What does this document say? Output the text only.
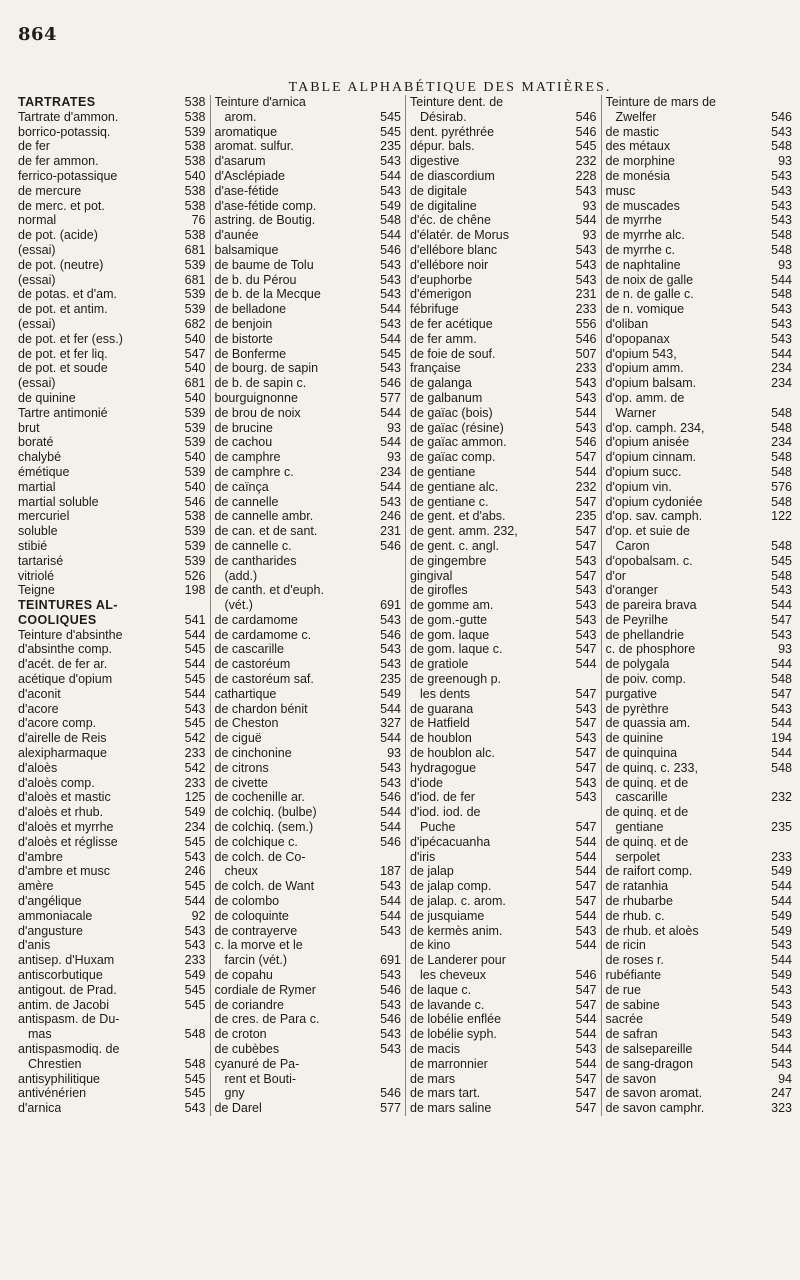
864
TABLE ALPHABÉTIQUE DES MATIÈRES.
TARTRATES	538
Tartrate d'ammon.	538
borrico-potassiq.	539
de fer	538
de fer ammon.	538
ferrico-potassique	540
de mercure	538
de merc. et pot.	538
normal	76
de pot. (acide)	538
(essai)	681
de pot. (neutre)	539
(essai)	681
de potas. et d'am.	539
de pot. et antim.	539
(essai)	682
de pot. et fer (ess.)	540
de pot. et fer liq.	547
de pot. et soude	540
(essai)	681
de quinine	540
Tartre antimonié	539
brut	539
boraté	539
chalybé	540
émétique	539
martial	540
martial soluble	546
mercuriel	538
soluble	539
stibié	539
tartarisé	539
vitriolé	526
Teigne	198
TEINTURES AL-
COOLIQUES	541
Teinture d'absinthe	544
d'absinthe comp.	545
d'acét. de fer ar.	544
acétique d'opium	545
d'aconit	544
d'acore	543
d'acore comp.	545
d'airelle de Reis	542
alexipharmaque	233
d'aloès	542
d'aloès comp.	233
d'aloès et mastic	125
d'aloès et rhub.	549
d'aloès et myrrhe	234
d'aloès et réglisse	545
d'ambre	543
d'ambre et musc	246
amère	545
d'angélique	544
ammoniacale	92
d'angusture	543
d'anis	543
antisep. d'Huxam	233
antiscorbutique	549
antigout. de Prad.	545
antim. de Jacobi	545
antispasm. de Du-
mas	548
antispasmodiq. de
Chrestien	548
antisyphilitique	545
antivénérien	545
d'arnica	543
Teinture d'arnica
arom.	545
aromatique	545
aromat. sulfur.	235
d'asarum	543
d'Asclépiade	544
d'ase-fétide	543
d'ase-fétide comp.	549
astring. de Boutig.	548
d'aunée	544
balsamique	546
de baume de Tolu	543
de b. du Pérou	543
de b. de la Mecque	543
de belladone	544
de benjoin	543
de bistorte	544
de Bonferme	545
de bourg. de sapin	543
de b. de sapin c.	546
bourguignonne	577
de brou de noix	544
de brucine	93
de cachou	544
de camphre	93
de camphre c.	234
de caïnça	544
de cannelle	543
de cannelle ambr.	246
de can. et de sant.	231
de cannelle c.	546
de cantharides
(add.)
de canth. et d'euph.
(vét.)	691
de cardamome	543
de cardamome c.	546
de cascarille	543
de castoréum	543
de castoréum saf.	235
cathartique	549
de chardon bénit	544
de Cheston	327
de ciguë	544
de cinchonine	93
de citrons	543
de civette	543
de cochenille ar.	546
de colchiq. (bulbe)	544
de colchiq. (sem.)	544
de colchique c.	546
de colch. de Co-
cheux	187
de colch. de Want	543
de colombo	544
de coloquinte	544
de contrayerve	543
c. la morve et le
farcin (vét.)	691
de copahu	543
cordiale de Rymer	546
de coriandre	543
de cres. de Para c.	546
de croton	543
de cubèbes	543
cyanuré de Pa-
rent et Bouti-
gny	546
de Darel	577
Teinture dent. de
Désirab.	546
dent. pyréthrée	546
dépur. bals.	545
digestive	232
de diascordium	228
de digitale	543
de digitaline	93
d'éc. de chêne	544
d'élatér. de Morus	93
d'ellébore blanc	543
d'ellébore noir	543
d'euphorbe	543
d'émerigon	231
fébrifuge	233
de fer acétique	556
de fer amm.	546
de foie de souf.	507
française	233
de galanga	543
de galbanum	543
de gaïac (bois)	544
de gaïac (résine)	543
de gaïac ammon.	546
de gaïac comp.	547
de gentiane	544
de gentiane alc.	232
de gentiane c.	547
de gent. et d'abs.	235
de gent. amm. 232,	547
de gent. c. angl.	547
de gingembre	543
gingival	547
de girofles	543
de gomme am.	543
de gom.-gutte	543
de gom. laque	543
de gom. laque c.	547
de gratiole	544
de greenough p.
les dents	547
de guarana	543
de Hatfield	547
de houblon	543
de houblon alc.	547
hydragogue	547
d'iode	543
d'iod. de fer	543
d'iod. iod. de
Puche	547
d'ipécacuanha	544
d'iris	544
de jalap	544
de jalap comp.	547
de jalap. c. arom.	547
de jusquiame	544
de kermès anim.	543
de kino	544
de Landerer pour
les cheveux	546
de laque c.	547
de lavande c.	547
de lobélie enflée	544
de lobélie syph.	544
de macis	543
de marronnier	544
de mars	547
de mars tart.	547
de mars saline	547
Teinture de mars de
Zwelfer	546
de mastic	543
des métaux	548
de morphine	93
de monésia	543
musc	543
de muscades	543
de myrrhe	543
de myrrhe alc.	548
de myrrhe c.	548
de naphtaline	93
de noix de galle	544
de n. de galle c.	548
de n. vomique	543
d'oliban	543
d'opopanax	543
d'opium 543,	544
d'opium amm.	234
d'opium balsam.	234
d'op. amm. de
Warner	548
d'op. camph. 234,	548
d'opium anisée	234
d'opium cinnam.	548
d'opium succ.	548
d'opium vin.	576
d'opium cydoniée	548
d'op. sav. camph.	122
d'op. et suie de
Caron	548
d'opobalsam. c.	545
d'or	548
d'oranger	543
de pareira brava	544
de Peyrilhe	547
de phellandrie	543
c. de phosphore	93
de polygala	544
de poiv. comp.	548
purgative	547
de pyrèthre	543
de quassia am.	544
de quinine	194
de quinquina	544
de quinq. c. 233,	548
de quinq. et de
cascarille	232
de quinq. et de
gentiane	235
de quinq. et de
serpolet	233
de raifort comp.	549
de ratanhia	544
de rhubarbe	544
de rhub. c.	549
de rhub. et aloès	549
de ricin	543
de roses r.	544
rubéfiante	549
de rue	543
de sabine	543
sacrée	549
de safran	543
de salsepareille	544
de sang-dragon	543
de savon	94
de savon aromat.	247
de savon camphr.	323
